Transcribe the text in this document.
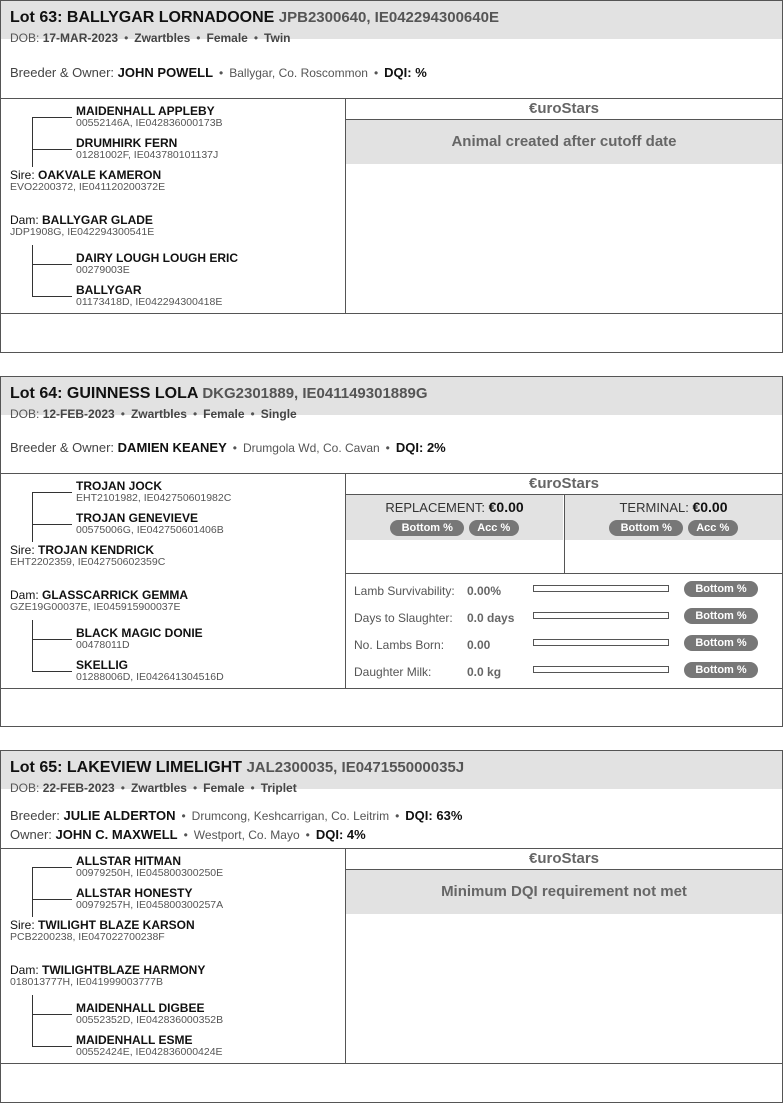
Lot 63: BALLYGAR LORNADOONE JPB2300640, IE042294300640E
DOB: 17-MAR-2023 • Zwartbles • Female • Twin
Breeder & Owner: JOHN POWELL • Ballygar, Co. Roscommon • DQI: %
MAIDENHALL APPLEBY
00552146A, IE042836000173B
DRUMHIRK FERN
01281002F, IE043780101137J
Sire: OAKVALE KAMERON
EVO2200372, IE041120200372E
Dam: BALLYGAR GLADE
JDP1908G, IE042294300541E
DAIRY LOUGH LOUGH ERIC
00279003E
BALLYGAR
01173418D, IE042294300418E
€uroStars
Animal created after cutoff date
Lot 64: GUINNESS LOLA DKG2301889, IE041149301889G
DOB: 12-FEB-2023 • Zwartbles • Female • Single
Breeder & Owner: DAMIEN KEANEY • Drumgola Wd, Co. Cavan • DQI: 2%
TROJAN JOCK
EHT2101982, IE042750601982C
TROJAN GENEVIEVE
00575006G, IE042750601406B
Sire: TROJAN KENDRICK
EHT2202359, IE042750602359C
Dam: GLASSCARRICK GEMMA
GZE19G00037E, IE045915900037E
BLACK MAGIC DONIE
00478011D
SKELLIG
01288006D, IE042641304516D
€uroStars
REPLACEMENT: €0.00
Bottom % Acc %
TERMINAL: €0.00
Bottom % Acc %
Lamb Survivability: 0.00%	Bottom %
Days to Slaughter: 0.0 days	Bottom %
No. Lambs Born: 0.00	Bottom %
Daughter Milk:	0.0 kg	Bottom %
Lot 65: LAKEVIEW LIMELIGHT JAL2300035, IE047155000035J
DOB: 22-FEB-2023 • Zwartbles • Female • Triplet
Breeder: JULIE ALDERTON • Drumcong, Keshcarrigan, Co. Leitrim • DQI: 63%
Owner: JOHN C. MAXWELL • Westport, Co. Mayo • DQI: 4%
ALLSTAR HITMAN
00979250H, IE045800300250E
ALLSTAR HONESTY
00979257H, IE045800300257A
Sire: TWILIGHT BLAZE KARSON
PCB2200238, IE047022700238F
Dam: TWILIGHTBLAZE HARMONY
018013777H, IE041999003777B
MAIDENHALL DIGBEE
00552352D, IE042836000352B
MAIDENHALL ESME
00552424E, IE042836000424E
€uroStars
Minimum DQI requirement not met
